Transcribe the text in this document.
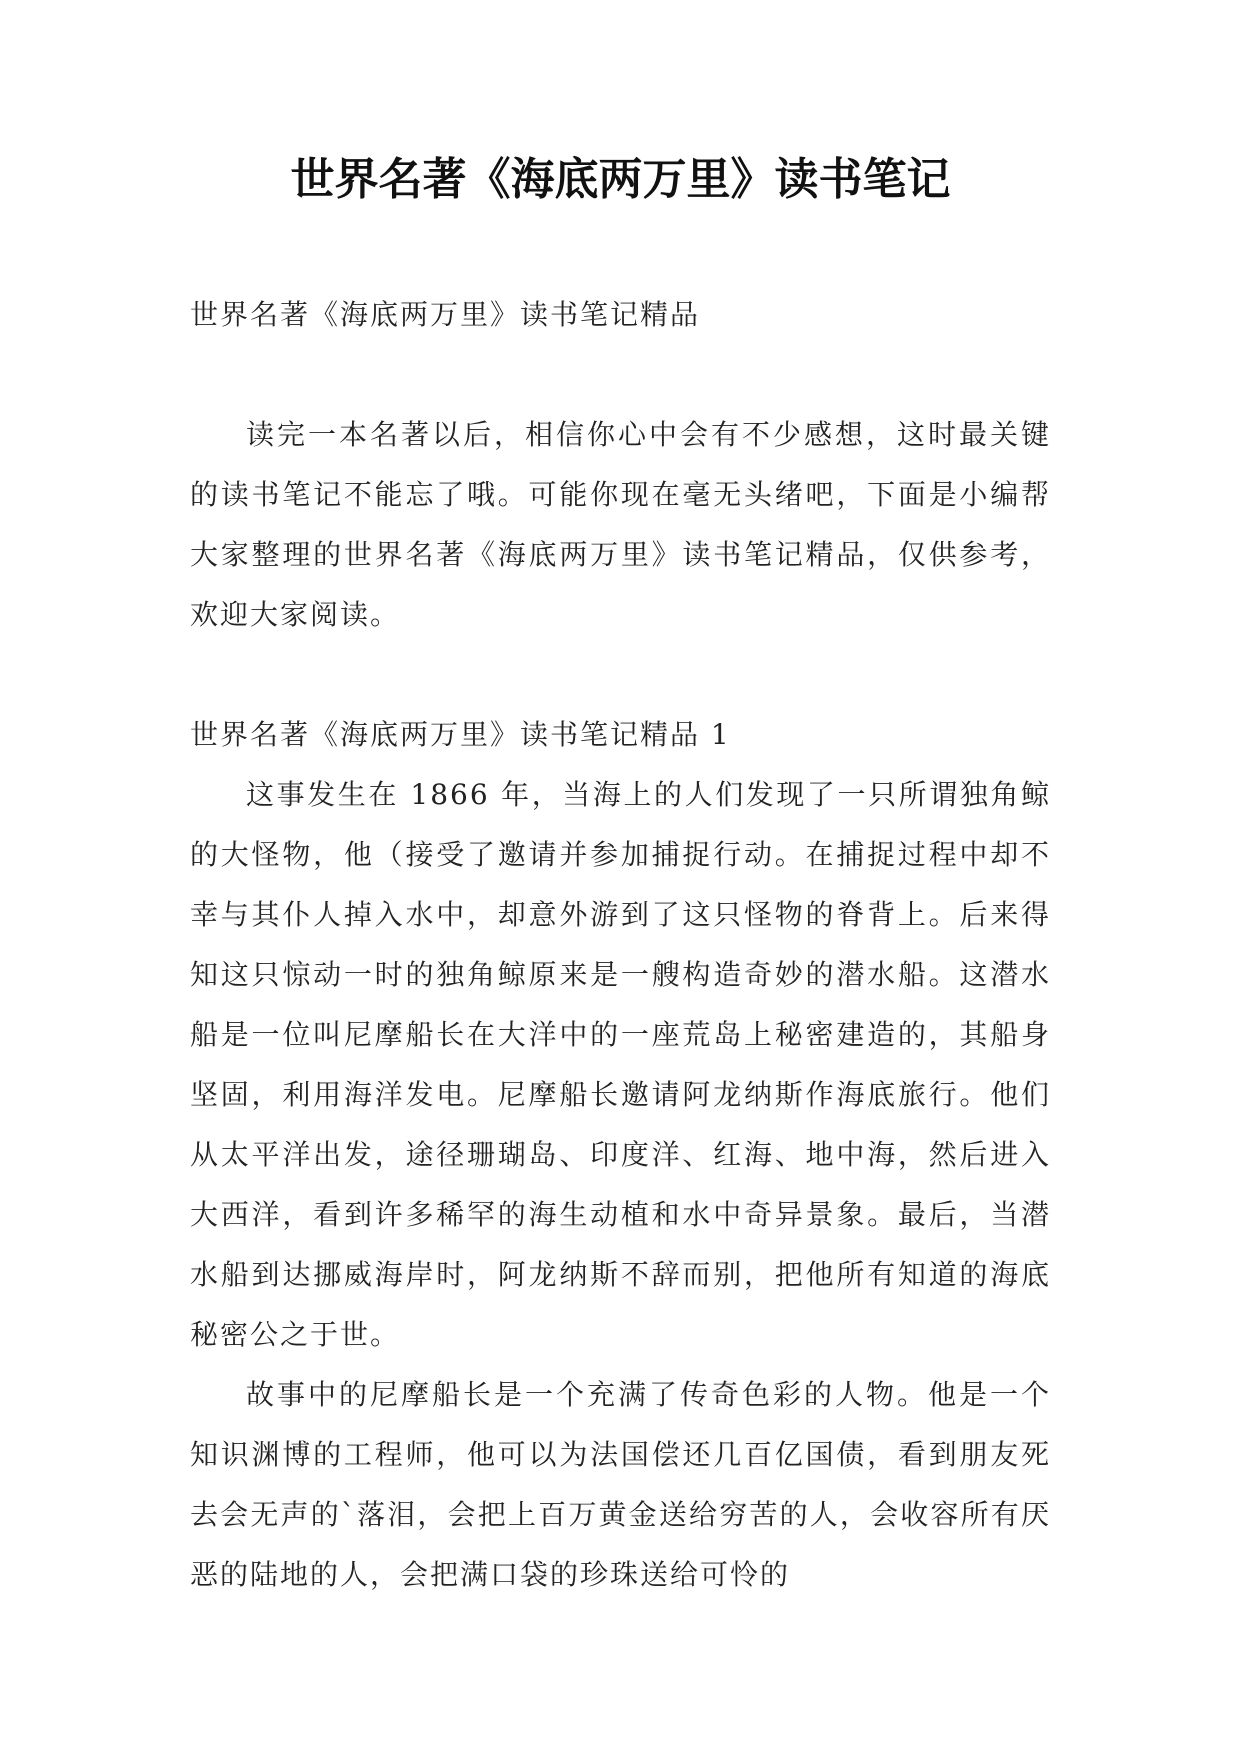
世界名著《海底两万里》读书笔记

世界名著《海底两万里》读书笔记精品

读完一本名著以后，相信你心中会有不少感想，这时最关键的读书笔记不能忘了哦。可能你现在毫无头绪吧，下面是小编帮大家整理的世界名著《海底两万里》读书笔记精品，仅供参考，欢迎大家阅读。

世界名著《海底两万里》读书笔记精品 1

这事发生在 1866 年，当海上的人们发现了一只所谓独角鲸的大怪物，他（接受了邀请并参加捕捉行动。在捕捉过程中却不幸与其仆人掉入水中，却意外游到了这只怪物的脊背上。后来得知这只惊动一时的独角鲸原来是一艘构造奇妙的潜水船。这潜水船是一位叫尼摩船长在大洋中的一座荒岛上秘密建造的，其船身坚固，利用海洋发电。尼摩船长邀请阿龙纳斯作海底旅行。他们从太平洋出发，途径珊瑚岛、印度洋、红海、地中海，然后进入大西洋，看到许多稀罕的海生动植和水中奇异景象。最后，当潜水船到达挪威海岸时，阿龙纳斯不辞而别，把他所有知道的海底秘密公之于世。

故事中的尼摩船长是一个充满了传奇色彩的人物。他是一个知识渊博的工程师，他可以为法国偿还几百亿国债，看到朋友死去会无声的`落泪，会把上百万黄金送给穷苦的人，会收容所有厌恶的陆地的人，会把满口袋的珍珠送给可怜的
